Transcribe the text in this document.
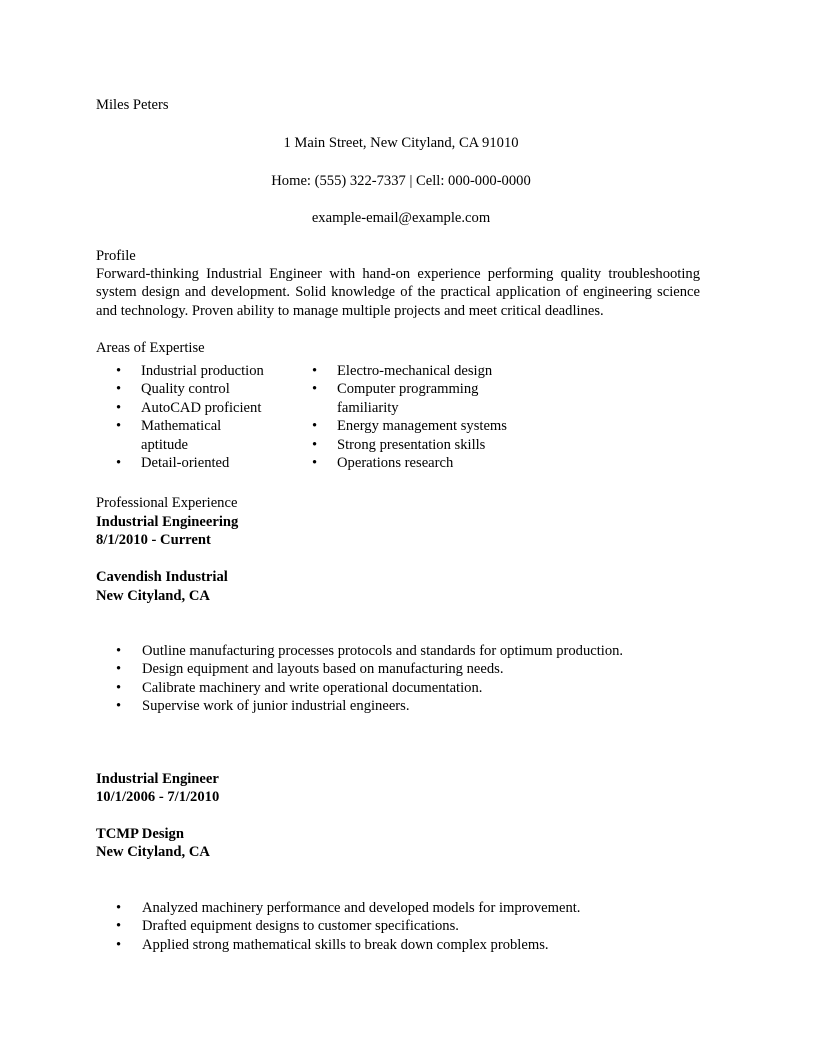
Miles Peters
1 Main Street, New Cityland, CA 91010
Home: (555) 322-7337 | Cell: 000-000-0000
example-email@example.com
Profile
Forward-thinking Industrial Engineer with hand-on experience performing quality troubleshooting system design and development. Solid knowledge of the practical application of engineering science and technology. Proven ability to manage multiple projects and meet critical deadlines.
Areas of Expertise
• Industrial production
• Quality control
• AutoCAD proficient
• Mathematical aptitude
• Detail-oriented
• Electro-mechanical design
• Computer programming familiarity
• Energy management systems
• Strong presentation skills
• Operations research
Professional Experience
Industrial Engineering
8/1/2010 - Current
Cavendish Industrial
New Cityland, CA
• Outline manufacturing processes protocols and standards for optimum production.
• Design equipment and layouts based on manufacturing needs.
• Calibrate machinery and write operational documentation.
• Supervise work of junior industrial engineers.
Industrial Engineer
10/1/2006 - 7/1/2010
TCMP Design
New Cityland, CA
• Analyzed machinery performance and developed models for improvement.
• Drafted equipment designs to customer specifications.
• Applied strong mathematical skills to break down complex problems.
